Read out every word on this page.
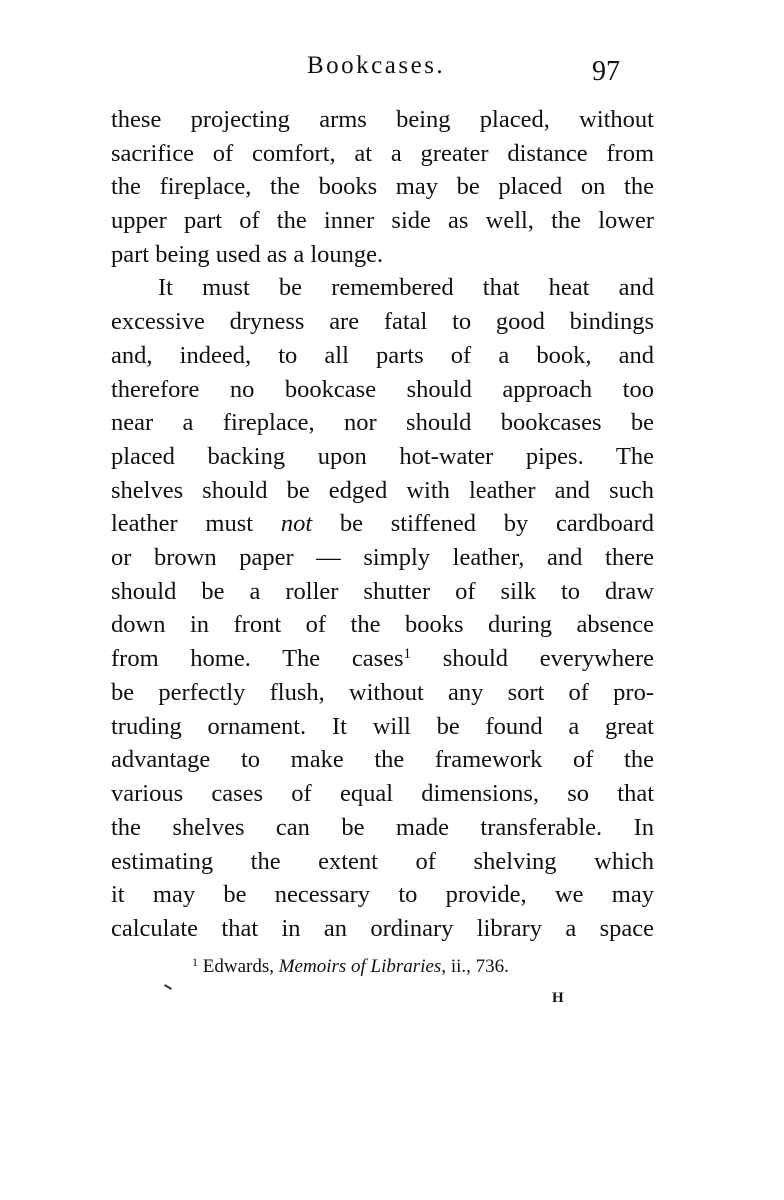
Bookcases.	97
these projecting arms being placed, without
sacrifice of comfort, at a greater distance from
the fireplace, the books may be placed on the
upper part of the inner side as well, the lower
part being used as a lounge.
It must be remembered that heat and
excessive dryness are fatal to good bindings
and, indeed, to all parts of a book, and
therefore no bookcase should approach too
near a fireplace, nor should bookcases be
placed backing upon hot-water pipes. The
shelves should be edged with leather and such
leather must not be stiffened by cardboard
or brown paper — simply leather, and there
should be a roller shutter of silk to draw
down in front of the books during absence
from home. The cases$^1$ should everywhere
be perfectly flush, without any sort of pro-
truding ornament. It will be found a great
advantage to make the framework of the
various cases of equal dimensions, so that
the shelves can be made transferable. In
estimating the extent of shelving which
it may be necessary to provide, we may
calculate that in an ordinary library a space
$^1$ Edwards, Memoirs of Libraries, ii., 736.
H
